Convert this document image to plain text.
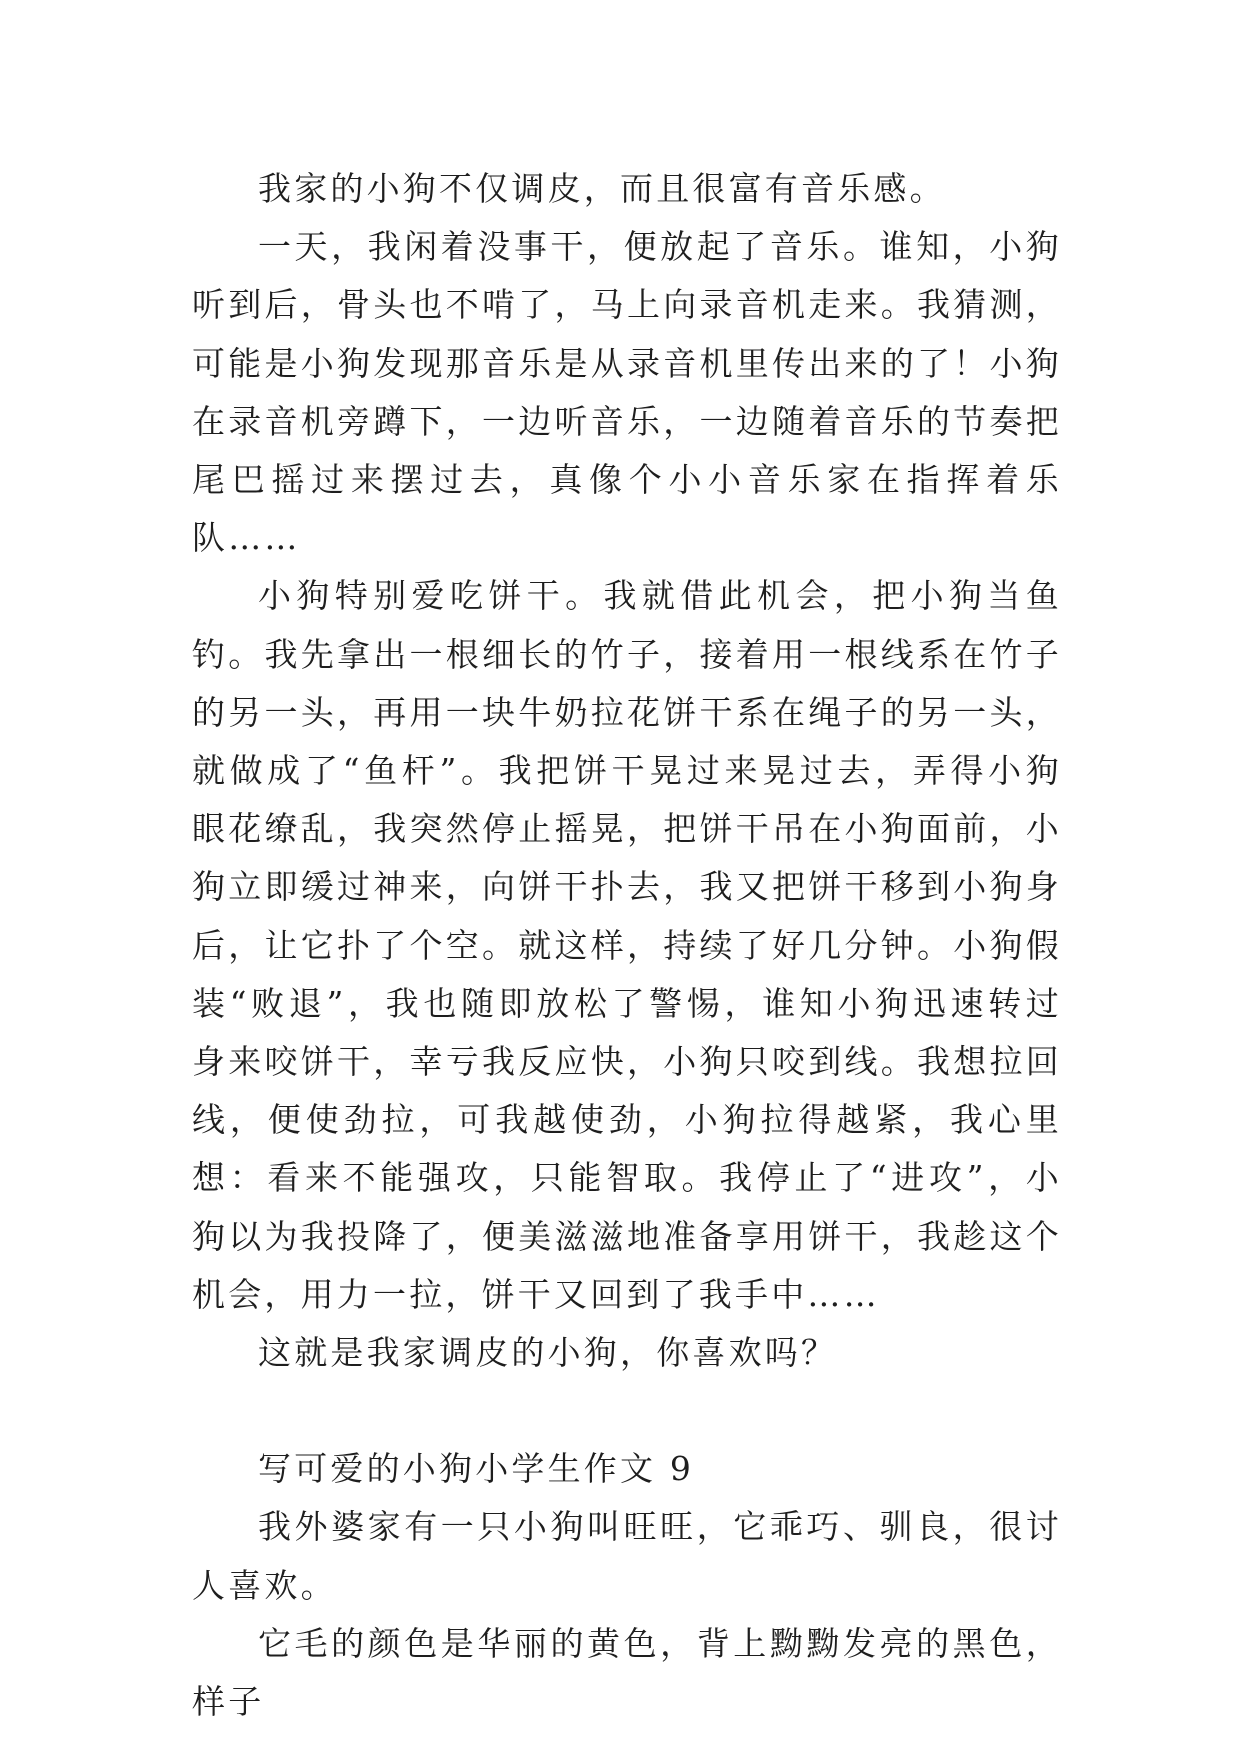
我家的小狗不仅调皮，而且很富有音乐感。

一天，我闲着没事干，便放起了音乐。谁知，小狗听到后，骨头也不啃了，马上向录音机走来。我猜测，可能是小狗发现那音乐是从录音机里传出来的了！小狗在录音机旁蹲下，一边听音乐，一边随着音乐的节奏把尾巴摇过来摆过去，真像个小小音乐家在指挥着乐队……

小狗特别爱吃饼干。我就借此机会，把小狗当鱼钓。我先拿出一根细长的竹子，接着用一根线系在竹子的另一头，再用一块牛奶拉花饼干系在绳子的另一头，就做成了“鱼杆”。我把饼干晃过来晃过去，弄得小狗眼花缭乱，我突然停止摇晃，把饼干吊在小狗面前，小狗立即缓过神来，向饼干扑去，我又把饼干移到小狗身后，让它扑了个空。就这样，持续了好几分钟。小狗假装“败退”，我也随即放松了警惕，谁知小狗迅速转过身来咬饼干，幸亏我反应快，小狗只咬到线。我想拉回线，便使劲拉，可我越使劲，小狗拉得越紧，我心里想：看来不能强攻，只能智取。我停止了“进攻”，小狗以为我投降了，便美滋滋地准备享用饼干，我趁这个机会，用力一拉，饼干又回到了我手中……

这就是我家调皮的小狗，你喜欢吗？

写可爱的小狗小学生作文 9

我外婆家有一只小狗叫旺旺，它乖巧、驯良，很讨人喜欢。

它毛的颜色是华丽的黄色，背上黝黝发亮的黑色，样子
